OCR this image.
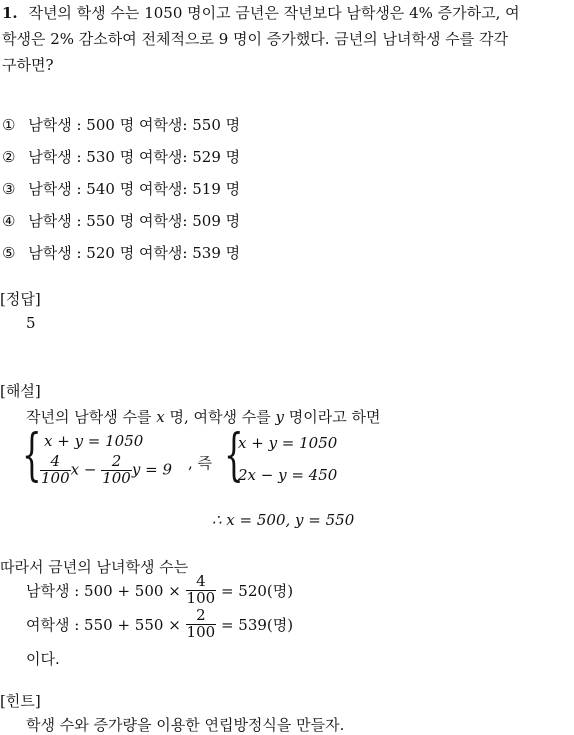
1. 작년의 학생 수는 1050 명이고 금년은 작년보다 남학생은 4% 증가하고, 여
학생은 2% 감소하여 전체적으로 9 명이 증가했다. 금년의 남녀학생 수를 각각
구하면?
① 남학생 : 500 명 여학생: 550 명
② 남학생 : 530 명 여학생: 529 명
③ 남학생 : 540 명 여학생: 519 명
④ 남학생 : 550 명 여학생: 509 명
⑤ 남학생 : 520 명 여학생: 539 명
[정답]
5
[해설]
작년의 남학생 수를 x 명, 여학생 수를 y 명이라고 하면
{ x + y = 1050
$\frac{4}{100}$ $x - \frac{2}{100}$ y = 9 , 즉 {
x + y = 1050
2x − y = 450
∴ x = 500, y = 550
따라서 금년의 남녀학생 수는
남학생 : $500 + 500 \times \frac{4}{100} = 520$(명)
여학생 : $550 + 550 \times \frac{2}{100} = 539$(명)
이다.
[힌트]
학생 수와 증가량을 이용한 연립방정식을 만들자.
